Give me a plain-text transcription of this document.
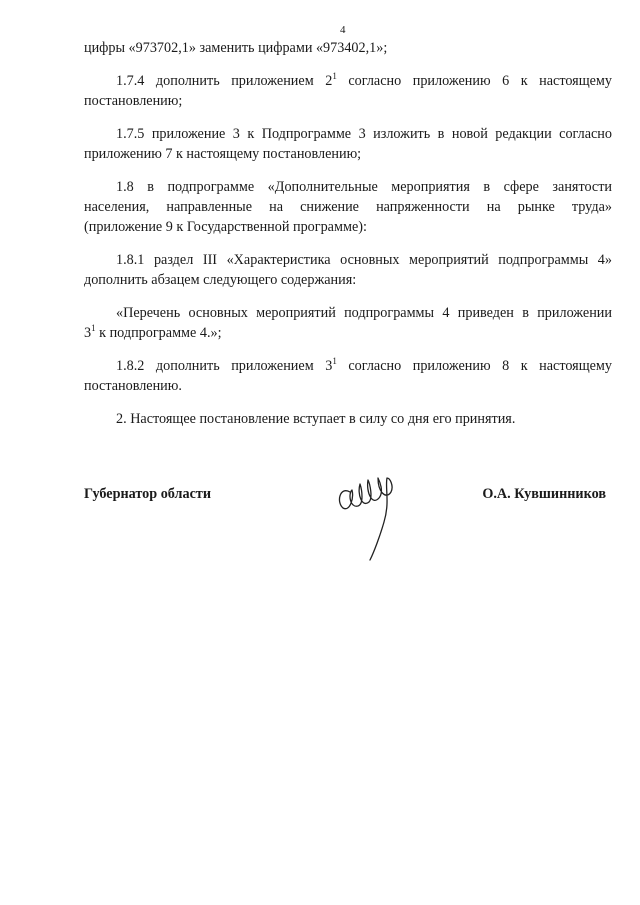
4
цифры «973702,1» заменить цифрами «973402,1»;
1.7.4 дополнить приложением $2^1$ согласно приложению 6 к настоящему
постановлению;
1.7.5 приложение 3 к Подпрограмме 3 изложить в новой редакции согласно
приложению 7 к настоящему постановлению;
1.8 в подпрограмме «Дополнительные мероприятия в сфере занятости
населения, направленные на снижение напряженности на рынке труда»
(приложение 9 к Государственной программе):
1.8.1 раздел III «Характеристика основных мероприятий подпрограммы 4»
дополнить абзацем следующего содержания:
«Перечень основных мероприятий подпрограммы 4 приведен в приложении
$3^1$ к подпрограмме 4.»;
1.8.2 дополнить приложением $3^1$ согласно приложению 8 к настоящему
постановлению.
2. Настоящее постановление вступает в силу со дня его принятия.
Губернатор области	О.А. Кувшинников
